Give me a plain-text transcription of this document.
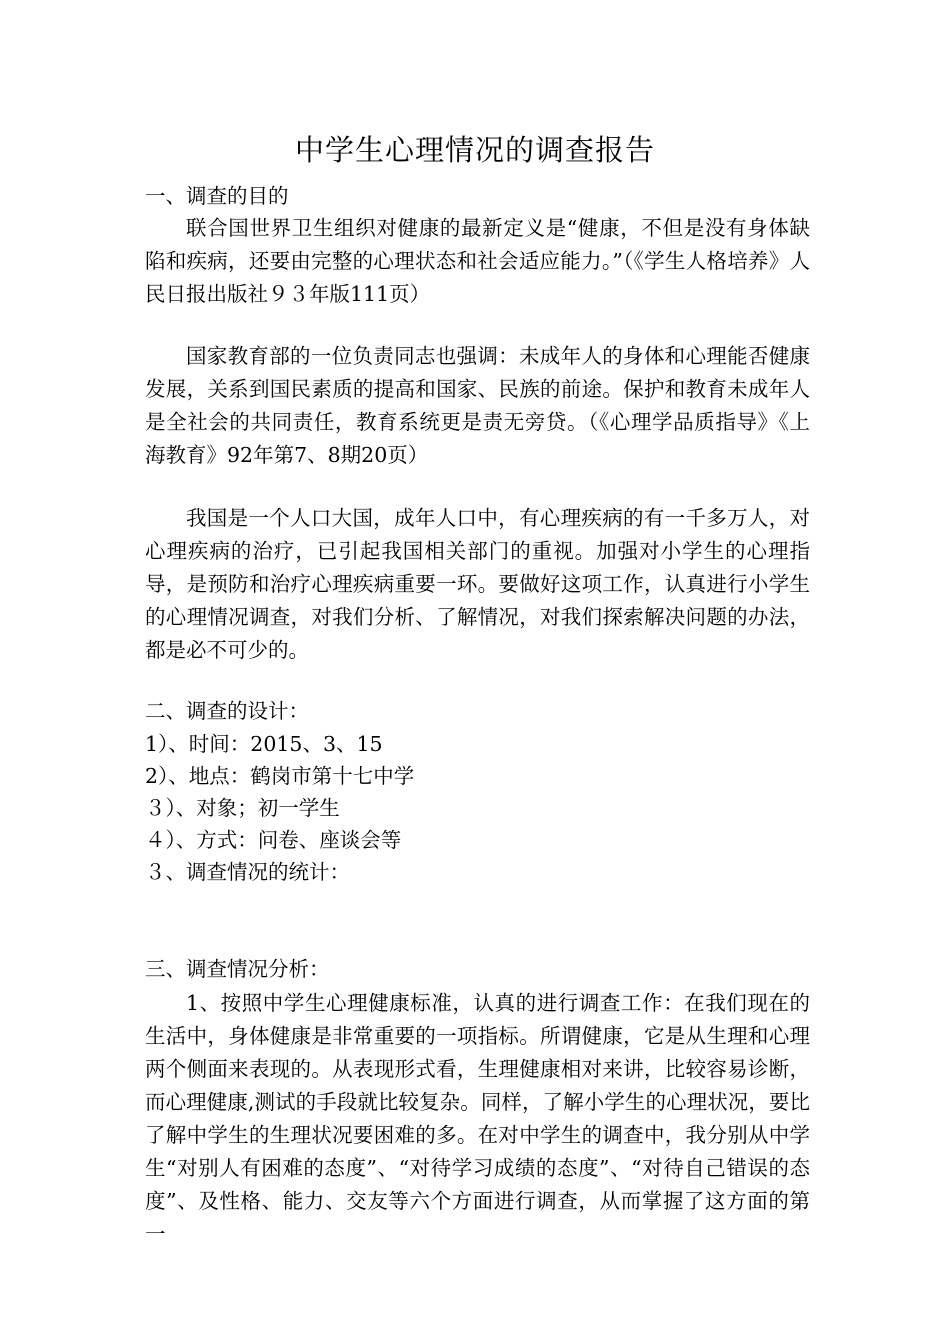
中学生心理情况的调查报告
一、调查的目的
联合国世界卫生组织对健康的最新定义是“健康，不但是没有身体缺陷和疾病，还要由完整的心理状态和社会适应能力。”（《学生人格培养》人民日报出版社９３年版111页）
国家教育部的一位负责同志也强调：未成年人的身体和心理能否健康发展，关系到国民素质的提高和国家、民族的前途。保护和教育未成年人是全社会的共同责任，教育系统更是责无旁贷。（《心理学品质指导》《上海教育》92年第7、8期20页）
我国是一个人口大国，成年人口中，有心理疾病的有一千多万人，对心理疾病的治疗，已引起我国相关部门的重视。加强对小学生的心理指导，是预防和治疗心理疾病重要一环。要做好这项工作，认真进行小学生的心理情况调查，对我们分析、了解情况，对我们探索解决问题的办法，都是必不可少的。
二、调查的设计：
1）、时间：2015、3、15
2）、地点：鹤岗市第十七中学
３）、对象；初一学生
４）、方式：问卷、座谈会等
３、调查情况的统计：
三、调查情况分析：
1、按照中学生心理健康标准，认真的进行调查工作：在我们现在的生活中，身体健康是非常重要的一项指标。所谓健康，它是从生理和心理两个侧面来表现的。从表现形式看，生理健康相对来讲，比较容易诊断，而心理健康,测试的手段就比较复杂。同样，了解小学生的心理状况，要比了解中学生的生理状况要困难的多。在对中学生的调查中，我分别从中学生“对别人有困难的态度”、“对待学习成绩的态度”、“对待自己错误的态度”、及性格、能力、交友等六个方面进行调查，从而掌握了这方面的第一
